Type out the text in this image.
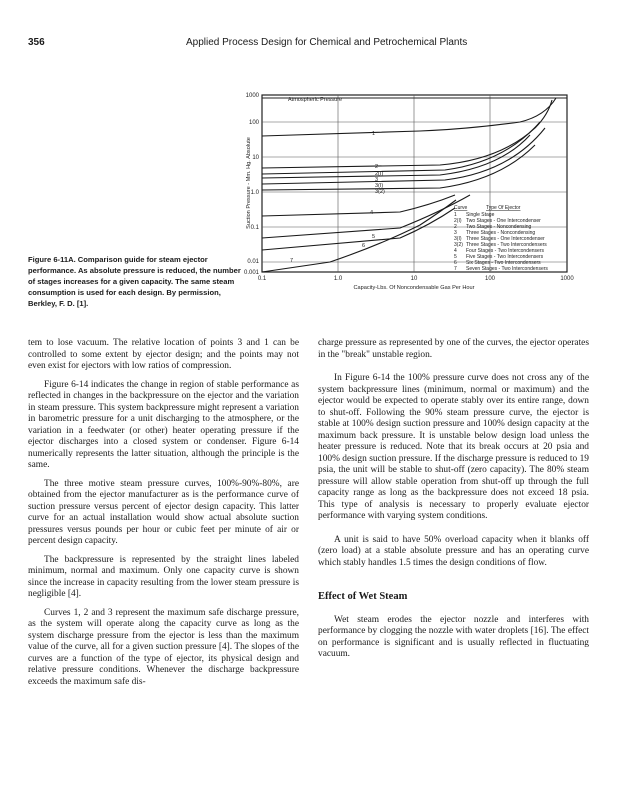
356	Applied Process Design for Chemical and Petrochemical Plants
Atmospheric Pressure
1000
100
10
1.0
0.1
0.01
0.001
0.1	1.0	10	100	1000
Capacity-Lbs. Of Noncondensable Gas Per Hour
Suction Pressure - Mm. Hg. Absolute
1
2
2(I)
3
3(I)
3(2)
4
5
6
7
Curve	Type Of Ejector
1 Single Stage
2(I) Two Stages - One Intercondenser
2 Two Stages - Noncondensing
3 Three Stages - Noncondensing
3(I) Three Stages - One Intercondenser
3(2) Three Stages - Two Intercondensers
4 Four Stages - Two Intercondensers
5 Five Stages - Two Intercondensers
6 Six Stages - Two Intercondensers
7 Seven Stages - Two Intercondensers
Figure 6-11A. Comparison guide for steam ejector performance. As absolute pressure is reduced, the number of stages increases for a given capacity. The same steam consumption is used for each design. By permission, Berkley, F. D. [1].

tem to lose vacuum. The relative location of points 3 and 1 can be controlled to some extent by ejector design; and the points may not even exist for ejectors with low ratios of compression.

Figure 6-14 indicates the change in region of stable performance as reflected in changes in the backpressure on the ejector and the variation in steam pressure. This system backpressure might represent a variation in barometric pressure for a unit discharging to the atmosphere, or the variation in a feedwater (or other) heater operating pressure if the ejector discharges into a closed system or condenser. Figure 6-14 numerically represents the latter situation, although the principle is the same.

The three motive steam pressure curves, 100%-90%-80%, are obtained from the ejector manufacturer as is the performance curve of suction pressure versus percent of ejector design capacity. This latter curve for an actual installation would show actual absolute suction pressures versus pounds per hour or cubic feet per minute of air or percent design capacity.

The backpressure is represented by the straight lines labeled minimum, normal and maximum. Only one capacity curve is shown since the increase in capacity resulting from the lower steam pressure is negligible [4].

Curves 1, 2 and 3 represent the maximum safe discharge pressure, as the system will operate along the capacity curve as long as the system discharge pressure from the ejector is less than the maximum value of the curve, all for a given suction pressure [4]. The slopes of the curves are a function of the type of ejector, its physical design and relative pressure conditions. Whenever the discharge backpressure exceeds the maximum safe dis-

charge pressure as represented by one of the curves, the ejector operates in the "break" unstable region.

In Figure 6-14 the 100% pressure curve does not cross any of the system backpressure lines (minimum, normal or maximum) and the ejector would be expected to operate stably over its entire range, down to shut-off. Following the 90% steam pressure curve, the ejector is stable at 100% design suction pressure and 100% design capacity at the maximum back pressure. It is unstable below design load unless the heater pressure is reduced. Note that its break occurs at 20 psia and 100% design suction pressure. If the discharge pressure is reduced to 19 psia, the unit will be stable to shut-off (zero capacity). The 80% steam pressure will allow stable operation from shut-off up through the full capacity range as long as the backpressure does not exceed 18 psia. This type of analysis is necessary to properly evaluate ejector performance with varying system conditions.

A unit is said to have 50% overload capacity when it blanks off (zero load) at a stable absolute pressure and has an operating curve which stably handles 1.5 times the design conditions of flow.

Effect of Wet Steam

Wet steam erodes the ejector nozzle and interferes with performance by clogging the nozzle with water droplets [16]. The effect on performance is significant and is usually reflected in fluctuating vacuum.
